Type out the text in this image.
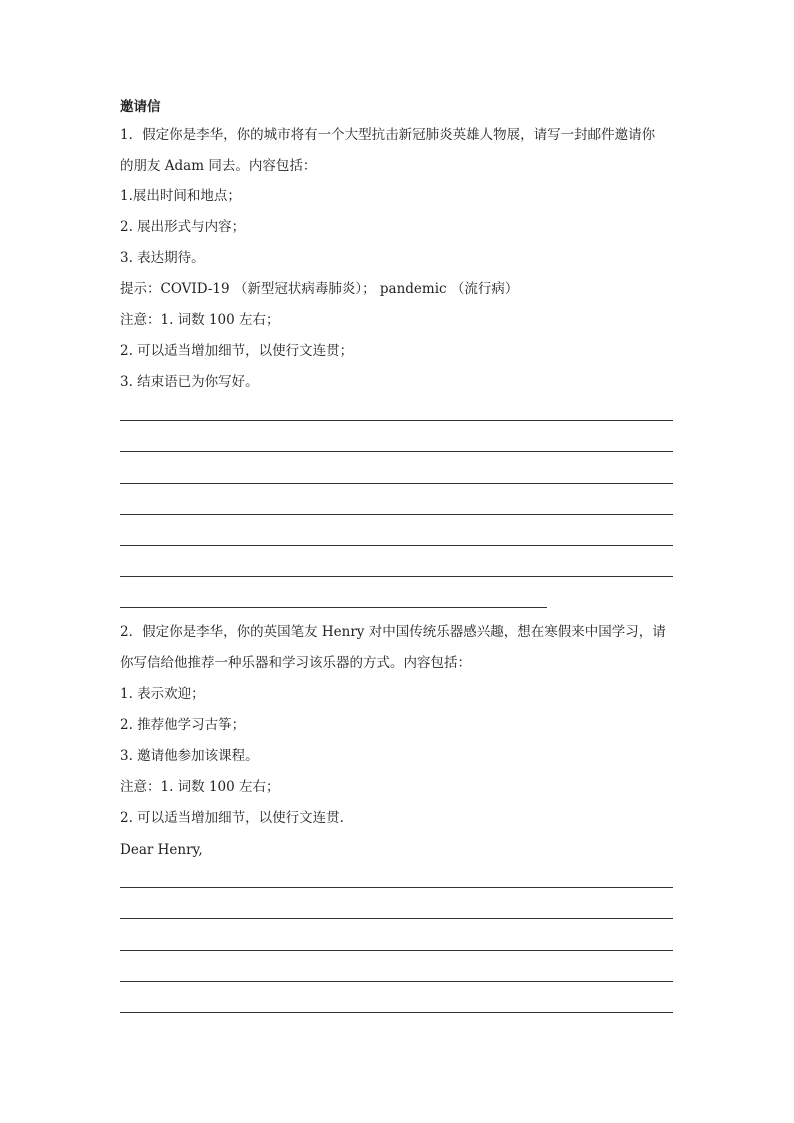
邀请信
1．假定你是李华，你的城市将有一个大型抗击新冠肺炎英雄人物展，请写一封邮件邀请你
的朋友 Adam 同去。内容包括：
1.展出时间和地点；
2. 展出形式与内容；
3. 表达期待。
提示：COVID-19 （新型冠状病毒肺炎）； pandemic （流行病）
注意：1. 词数 100 左右；
2. 可以适当增加细节，以使行文连贯；
3. 结束语已为你写好。
2．假定你是李华，你的英国笔友 Henry 对中国传统乐器感兴趣，想在寒假来中国学习，请
你写信给他推荐一种乐器和学习该乐器的方式。内容包括：
1. 表示欢迎；
2. 推荐他学习古筝；
3. 邀请他参加该课程。
注意：1. 词数 100 左右；
2. 可以适当增加细节，以使行文连贯.
Dear Henry,
